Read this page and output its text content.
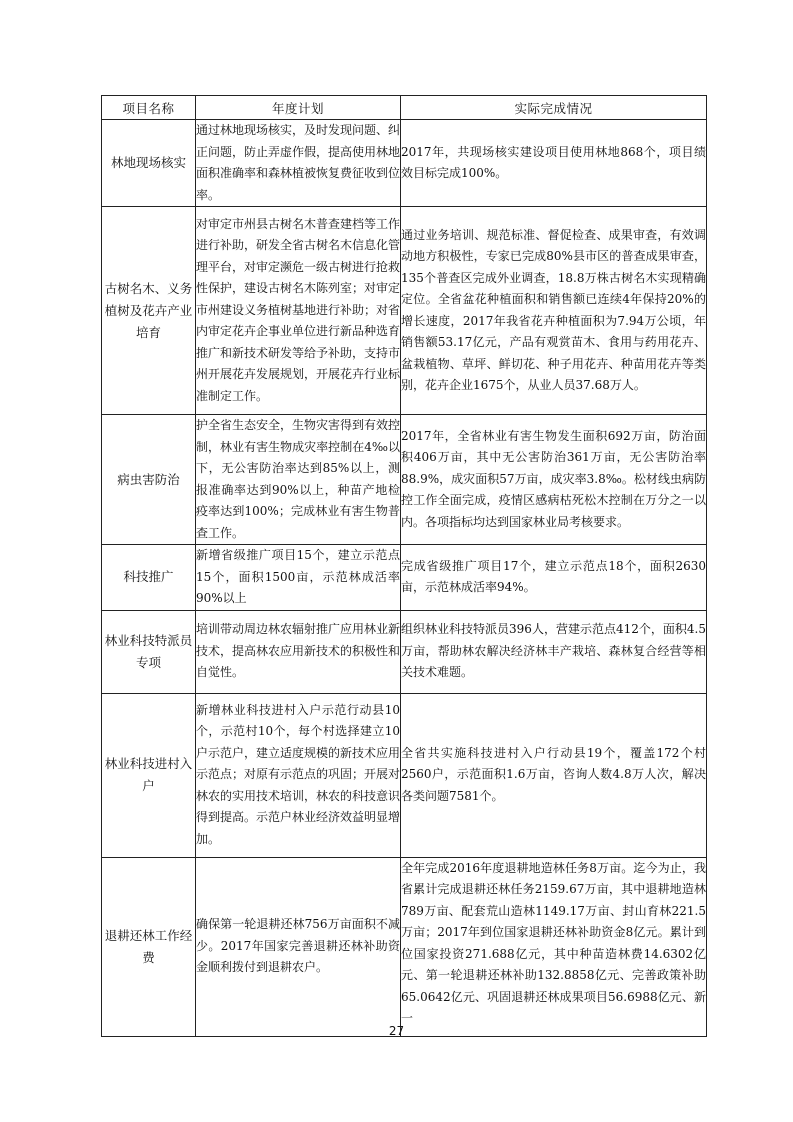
项目名称	年度计划	实际完成情况
林地现场核实	通过林地现场核实，及时发现问题、纠正问题，防止弄虚作假，提高使用林地面积准确率和森林植被恢复费征收到位率。	2017年，共现场核实建设项目使用林地868个，项目绩效目标完成100%。
古树名木、义务植树及花卉产业培育	对审定市州县古树名木普查建档等工作进行补助，研发全省古树名木信息化管理平台，对审定濒危一级古树进行抢救性保护，建设古树名木陈列室；对审定市州建设义务植树基地进行补助；对省内审定花卉企事业单位进行新品种选育推广和新技术研发等给予补助，支持市州开展花卉发展规划，开展花卉行业标准制定工作。	通过业务培训、规范标准、督促检查、成果审查，有效调动地方积极性，专家已完成80%县市区的普查成果审查，135个普查区完成外业调查，18.8万株古树名木实现精确定位。全省盆花种植面积和销售额已连续4年保持20%的增长速度，2017年我省花卉种植面积为7.94万公顷，年销售额53.17亿元，产品有观赏苗木、食用与药用花卉、盆栽植物、草坪、鲜切花、种子用花卉、种苗用花卉等类别，花卉企业1675个，从业人员37.68万人。
病虫害防治	护全省生态安全，生物灾害得到有效控制，林业有害生物成灾率控制在4‰以下，无公害防治率达到85%以上，测报准确率达到90%以上，种苗产地检疫率达到100%；完成林业有害生物普查工作。	2017年，全省林业有害生物发生面积692万亩，防治面积406万亩，其中无公害防治361万亩，无公害防治率88.9%，成灾面积57万亩，成灾率3.8‰。松材线虫病防控工作全面完成，疫情区感病枯死松木控制在万分之一以内。各项指标均达到国家林业局考核要求。
科技推广	新增省级推广项目15个，建立示范点15个，面积1500亩，示范林成活率90%以上	完成省级推广项目17个，建立示范点18个，面积2630亩，示范林成活率94%。
林业科技特派员专项	培训带动周边林农辐射推广应用林业新技术，提高林农应用新技术的积极性和自觉性。	组织林业科技特派员396人，营建示范点412个，面积4.5万亩，帮助林农解决经济林丰产栽培、森林复合经营等相关技术难题。
林业科技进村入户	新增林业科技进村入户示范行动县10个，示范村10个，每个村选择建立10户示范户，建立适度规模的新技术应用示范点；对原有示范点的巩固；开展对林农的实用技术培训，林农的科技意识得到提高。示范户林业经济效益明显增加。	全省共实施科技进村入户行动县19个，覆盖172个村2560户，示范面积1.6万亩，咨询人数4.8万人次，解决各类问题7581个。
退耕还林工作经费	确保第一轮退耕还林756万亩面积不减少。2017年国家完善退耕还林补助资金顺利拨付到退耕农户。	全年完成2016年度退耕地造林任务8万亩。迄今为止，我省累计完成退耕还林任务2159.67万亩，其中退耕地造林789万亩、配套荒山造林1149.17万亩、封山育林221.5万亩；2017年到位国家退耕还林补助资金8亿元。累计到位国家投资271.688亿元，其中种苗造林费14.6302亿元、第一轮退耕还林补助132.8858亿元、完善政策补助65.0642亿元、巩固退耕还林成果项目56.6988亿元、新一
27
